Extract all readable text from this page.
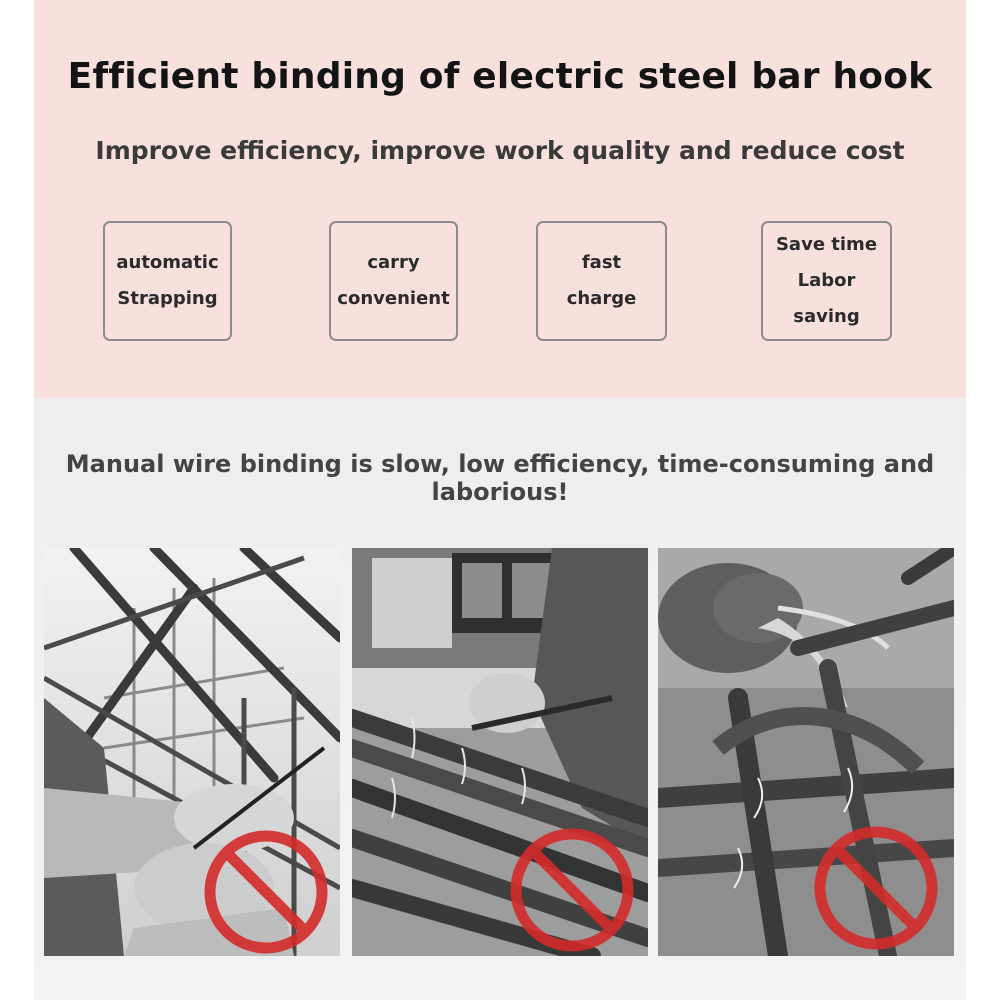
Efficient binding of electric steel bar hook
Improve efficiency, improve work quality and reduce cost
automatic
Strapping
carry
convenient
fast
charge
Save time
Labor saving
Manual wire binding is slow, low efficiency, time-consuming and laborious!
